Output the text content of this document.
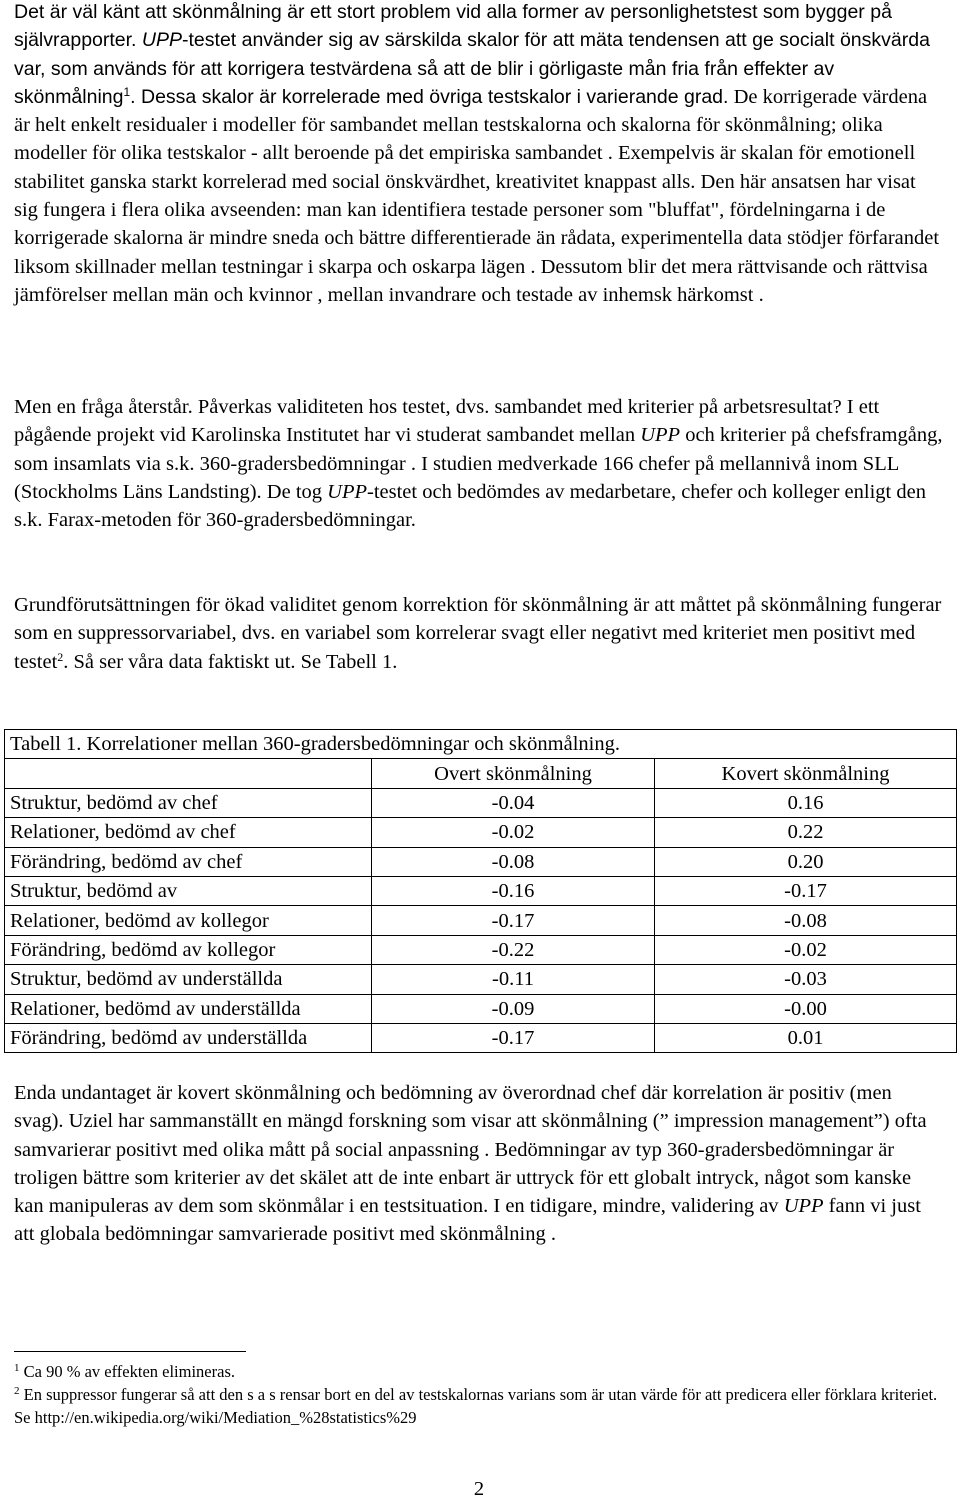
Det är väl känt att skönmålning är ett stort problem vid alla former av personlighetstest som bygger på självrapporter. UPP-testet använder sig av särskilda skalor för att mäta tendensen att ge socialt önskvärda var, som används för att korrigera testvärdena så att de blir i görligaste mån fria från effekter av skönmålning$^1$. Dessa skalor är korrelerade med övriga testskalor i varierande grad. De korrigerade värdena är helt enkelt residualer i modeller för sambandet mellan testskalorna och skalorna för skönmålning; olika modeller för olika testskalor - allt beroende på det empiriska sambandet . Exempelvis är skalan för emotionell stabilitet ganska starkt korrelerad med social önskvärdhet, kreativitet knappast alls. Den här ansatsen har visat sig fungera i flera olika avseenden: man kan identifiera testade personer som "bluffat", fördelningarna i de korrigerade skalorna är mindre sneda och bättre differentierade än rådata, experimentella data stödjer förfarandet liksom skillnader mellan testningar i skarpa och oskarpa lägen . Dessutom blir det mera rättvisande och rättvisa jämförelser mellan män och kvinnor , mellan invandrare och testade av inhemsk härkomst .

Men en fråga återstår. Påverkas validiteten hos testet, dvs. sambandet med kriterier på arbetsresultat? I ett pågående projekt vid Karolinska Institutet har vi studerat sambandet mellan UPP och kriterier på chefsframgång, som insamlats via s.k. 360-gradersbedömningar . I studien medverkade 166 chefer på mellannivå inom SLL (Stockholms Läns Landsting). De tog UPP-testet och bedömdes av medarbetare, chefer och kolleger enligt den s.k. Farax-metoden för 360-gradersbedömningar.

Grundförutsättningen för ökad validitet genom korrektion för skönmålning är att måttet på skönmålning fungerar som en suppressorvariabel, dvs. en variabel som korrelerar svagt eller negativt med kriteriet men positivt med testet$^2$. Så ser våra data faktiskt ut. Se Tabell 1.

Tabell 1. Korrelationer mellan 360-gradersbedömningar och skönmålning.		
	Overt skönmålning	Kovert skönmålning
Struktur, bedömd av chef	-0.04	0.16
Relationer, bedömd av chef	-0.02	0.22
Förändring, bedömd av chef	-0.08	0.20
Struktur, bedömd av	-0.16	-0.17
Relationer, bedömd av kollegor	-0.17	-0.08
Förändring, bedömd av kollegor	-0.22	-0.02
Struktur, bedömd av underställda	-0.11	-0.03
Relationer, bedömd av underställda	-0.09	-0.00
Förändring, bedömd av underställda	-0.17	0.01

Enda undantaget är kovert skönmålning och bedömning av överordnad chef där korrelation är positiv (men svag). Uziel har sammanställt en mängd forskning som visar att skönmålning (” impression management”) ofta samvarierar positivt med olika mått på social anpassning . Bedömningar av typ 360-gradersbedömningar är troligen bättre som kriterier av det skälet att de inte enbart är uttryck för ett globalt intryck, något som kanske kan manipuleras av dem som skönmålar i en testsituation. I en tidigare, mindre, validering av UPP fann vi just att globala bedömningar samvarierade positivt med skönmålning .

$^1$ Ca 90 % av effekten elimineras.

$^2$ En suppressor fungerar så att den s a s rensar bort en del av testskalornas varians som är utan värde för att predicera eller förklara kriteriet. Se http://en.wikipedia.org/wiki/Mediation_%28statistics%29

2
